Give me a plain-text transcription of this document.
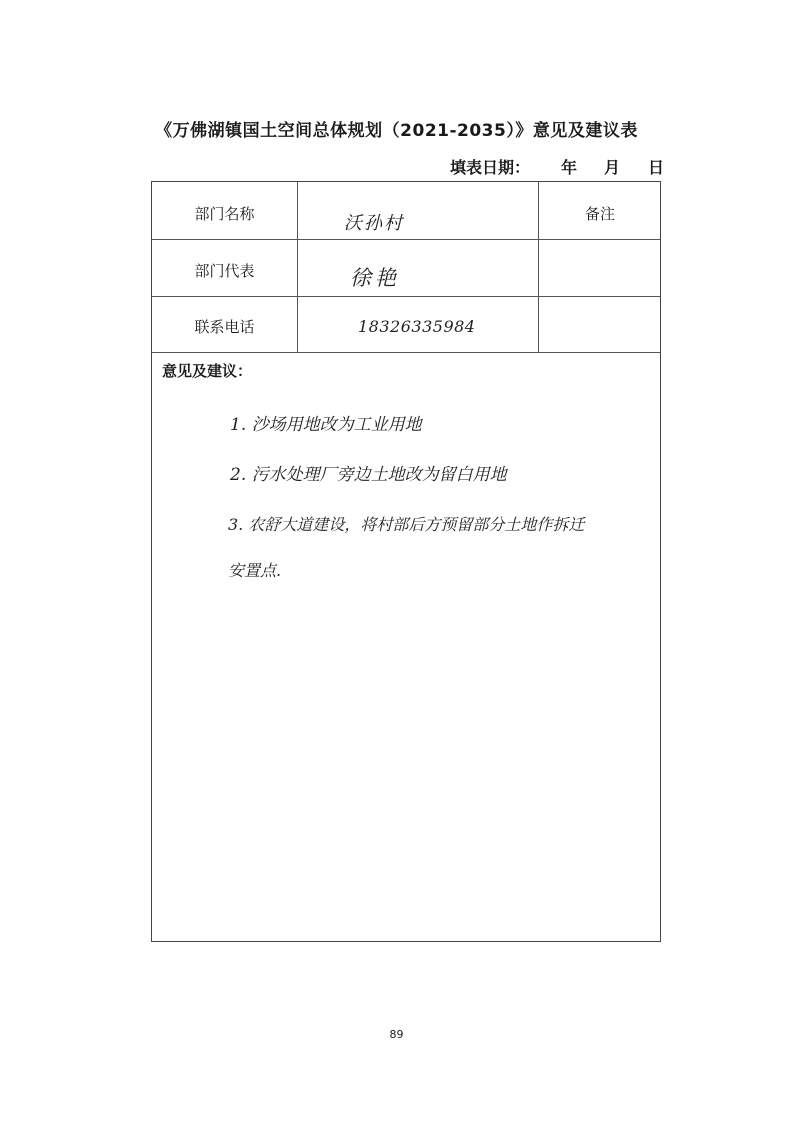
《万佛湖镇国土空间总体规划（2021-2035）》意见及建议表
填表日期： 年 月 日
部门名称
部门代表
联系电话
沃孙村
徐艳
18326335984
备注
意见及建议：
1. 沙场用地改为工业用地
2. 污水处理厂旁边土地改为留白用地
3. 农舒大道建设，将村部后方预留部分土地作拆迁
安置点.
89
